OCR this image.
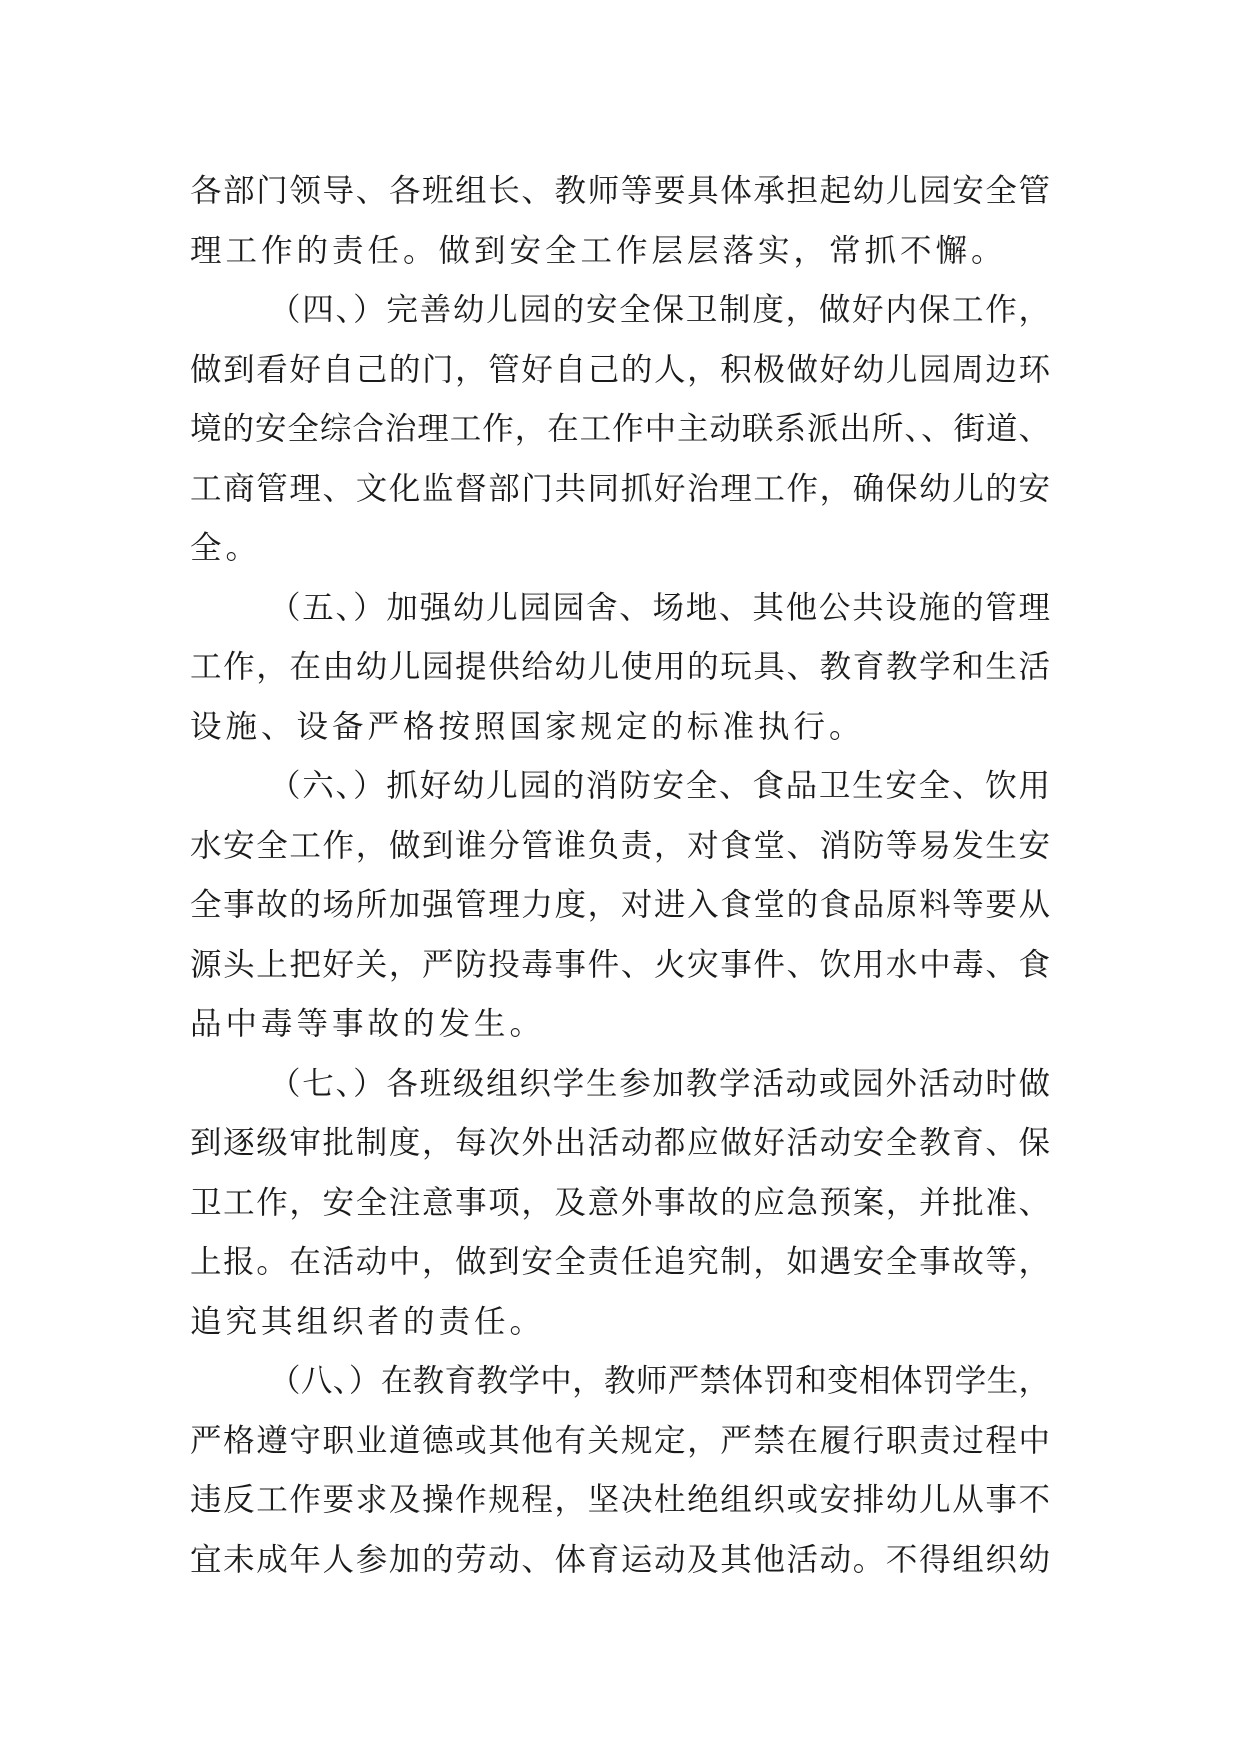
各部门领导、各班组长、教师等要具体承担起幼儿园安全管
理工作的责任。做到安全工作层层落实，常抓不懈。
（四、）完善幼儿园的安全保卫制度，做好内保工作，
做到看好自己的门，管好自己的人，积极做好幼儿园周边环
境的安全综合治理工作，在工作中主动联系派出所、、街道、
工商管理、文化监督部门共同抓好治理工作，确保幼儿的安
全。
（五、）加强幼儿园园舍、场地、其他公共设施的管理
工作，在由幼儿园提供给幼儿使用的玩具、教育教学和生活
设施、设备严格按照国家规定的标准执行。
（六、）抓好幼儿园的消防安全、食品卫生安全、饮用
水安全工作，做到谁分管谁负责，对食堂、消防等易发生安
全事故的场所加强管理力度，对进入食堂的食品原料等要从
源头上把好关，严防投毒事件、火灾事件、饮用水中毒、食
品中毒等事故的发生。
（七、）各班级组织学生参加教学活动或园外活动时做
到逐级审批制度，每次外出活动都应做好活动安全教育、保
卫工作，安全注意事项，及意外事故的应急预案，并批准、
上报。在活动中，做到安全责任追究制，如遇安全事故等，
追究其组织者的责任。
（八、）在教育教学中，教师严禁体罚和变相体罚学生，
严格遵守职业道德或其他有关规定，严禁在履行职责过程中
违反工作要求及操作规程，坚决杜绝组织或安排幼儿从事不
宜未成年人参加的劳动、体育运动及其他活动。不得组织幼
